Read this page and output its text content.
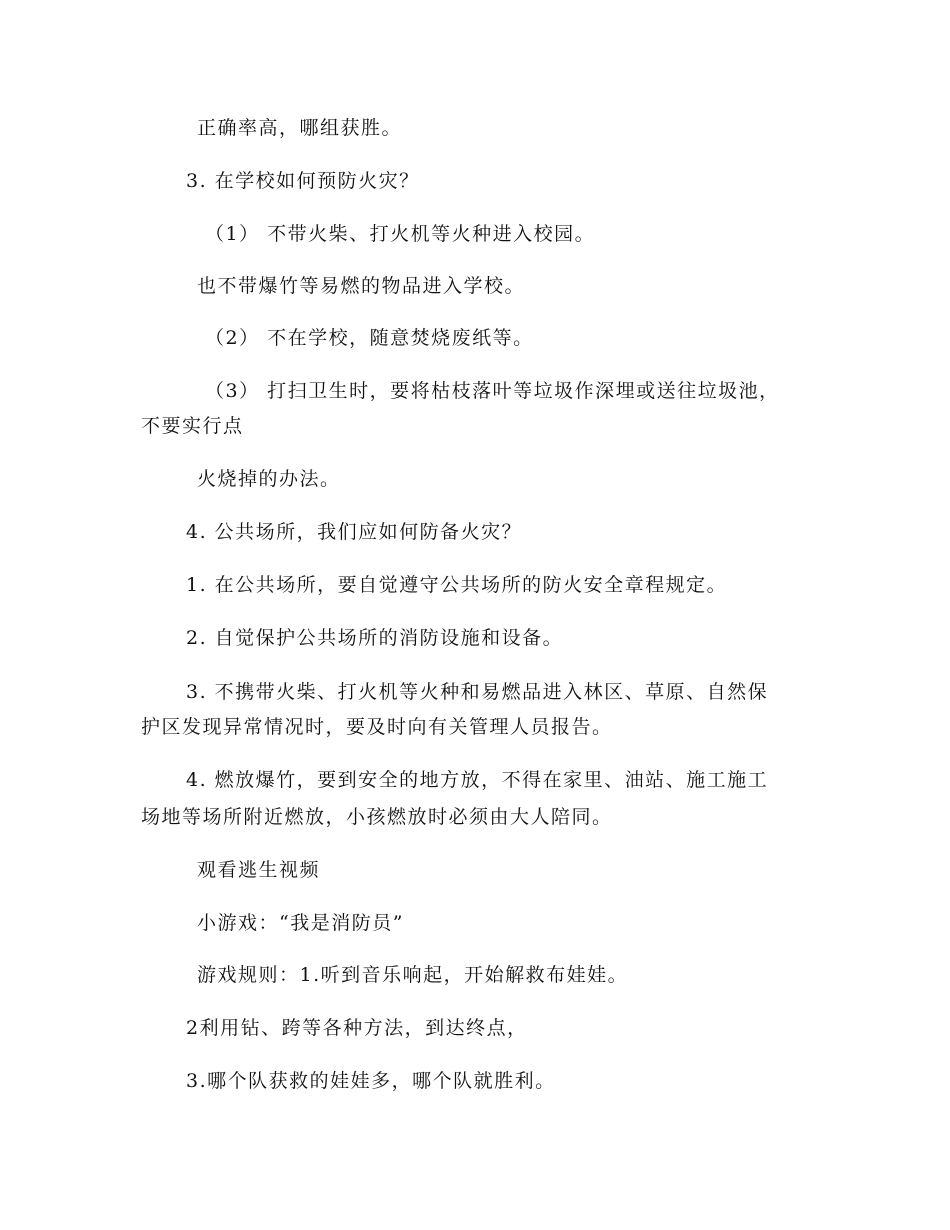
正确率高，哪组获胜。
3. 在学校如何预防火灾？
（1） 不带火柴、打火机等火种进入校园。
也不带爆竹等易燃的物品进入学校。
（2） 不在学校，随意焚烧废纸等。
（3） 打扫卫生时，要将枯枝落叶等垃圾作深埋或送往垃圾池，
不要实行点
火烧掉的办法。
4. 公共场所，我们应如何防备火灾？
1. 在公共场所，要自觉遵守公共场所的防火安全章程规定。
2. 自觉保护公共场所的消防设施和设备。
3. 不携带火柴、打火机等火种和易燃品进入林区、草原、自然保
护区发现异常情况时，要及时向有关管理人员报告。
4. 燃放爆竹，要到安全的地方放，不得在家里、油站、施工施工
场地等场所附近燃放，小孩燃放时必须由大人陪同。
观看逃生视频
小游戏：“我是消防员”
游戏规则：1.听到音乐响起，开始解救布娃娃。
2利用钻、跨等各种方法，到达终点，
3.哪个队获救的娃娃多，哪个队就胜利。
